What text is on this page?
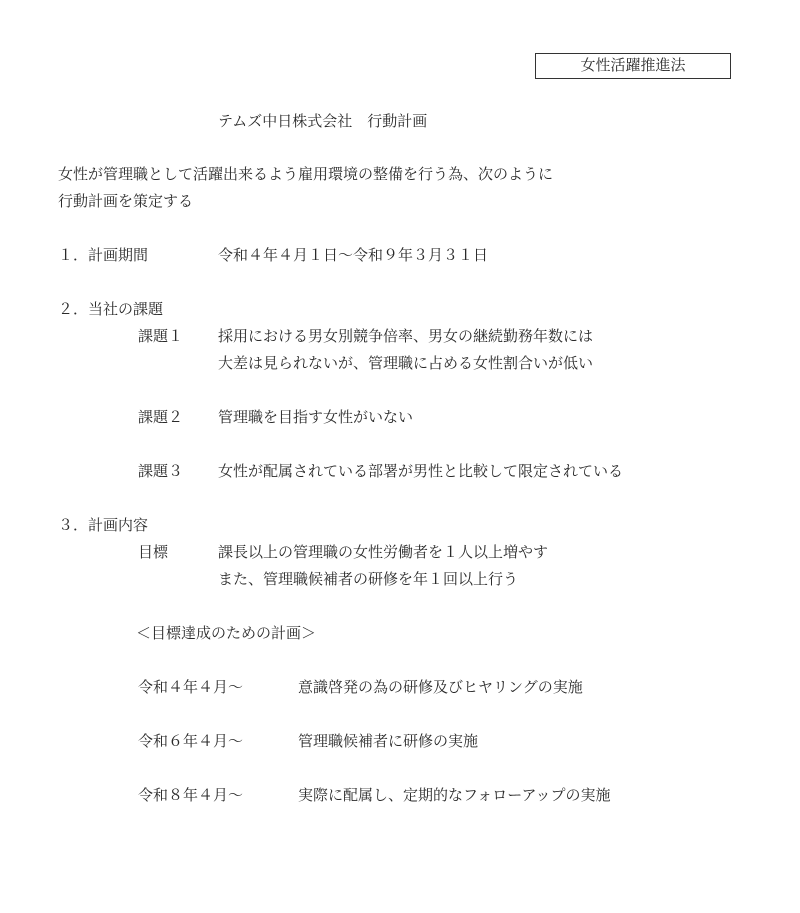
女性活躍推進法
テムズ中日株式会社　行動計画
女性が管理職として活躍出来るよう雇用環境の整備を行う為、次のように
行動計画を策定する
１．計画期間	令和４年４月１日～令和９年３月３１日
２．当社の課題
課題１ 採用における男女別競争倍率、男女の継続勤務年数には
大差は見られないが、管理職に占める女性割合いが低い
課題２ 管理職を目指す女性がいない
課題３ 女性が配属されている部署が男性と比較して限定されている
３．計画内容
目標	課長以上の管理職の女性労働者を１人以上増やす
また、管理職候補者の研修を年１回以上行う
＜目標達成のための計画＞
令和４年４月～	意識啓発の為の研修及びヒヤリングの実施
令和６年４月～	管理職候補者に研修の実施
令和８年４月～	実際に配属し、定期的なフォローアップの実施
